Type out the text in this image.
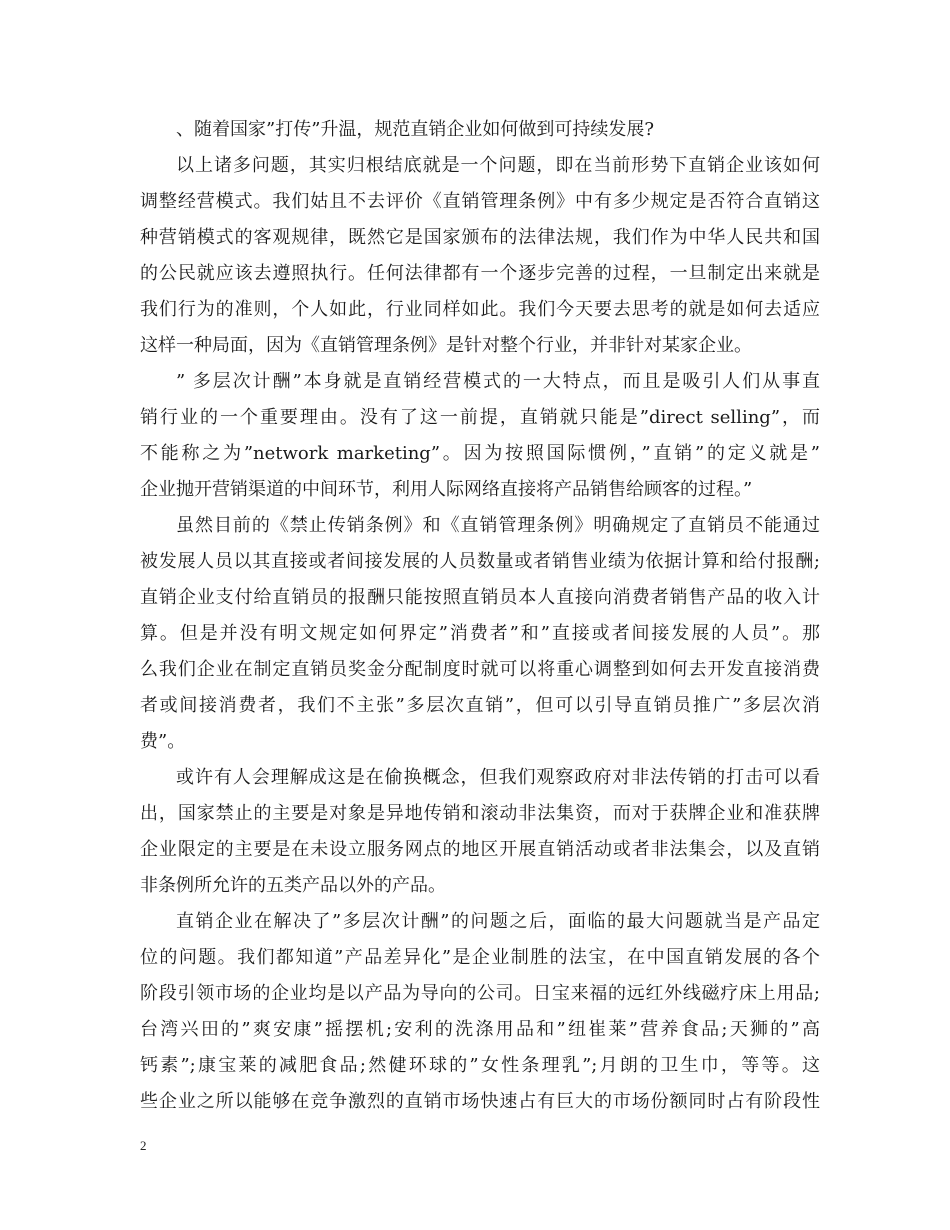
、随着国家”打传”升温，规范直销企业如何做到可持续发展?
以上诸多问题，其实归根结底就是一个问题，即在当前形势下直销企业该如何
调整经营模式。我们姑且不去评价《直销管理条例》中有多少规定是否符合直销这
种营销模式的客观规律，既然它是国家颁布的法律法规，我们作为中华人民共和国
的公民就应该去遵照执行。任何法律都有一个逐步完善的过程，一旦制定出来就是
我们行为的准则，个人如此，行业同样如此。我们今天要去思考的就是如何去适应
这样一种局面，因为《直销管理条例》是针对整个行业，并非针对某家企业。
” 多层次计酬”本身就是直销经营模式的一大特点，而且是吸引人们从事直
销行业的一个重要理由。没有了这一前提，直销就只能是”direct selling”，而
不能称之为”network marketing”。因为按照国际惯例，”直销”的定义就是”
企业抛开营销渠道的中间环节，利用人际网络直接将产品销售给顾客的过程。”
虽然目前的《禁止传销条例》和《直销管理条例》明确规定了直销员不能通过
被发展人员以其直接或者间接发展的人员数量或者销售业绩为依据计算和给付报酬;
直销企业支付给直销员的报酬只能按照直销员本人直接向消费者销售产品的收入计
算。但是并没有明文规定如何界定”消费者”和”直接或者间接发展的人员”。那
么我们企业在制定直销员奖金分配制度时就可以将重心调整到如何去开发直接消费
者或间接消费者，我们不主张”多层次直销”，但可以引导直销员推广”多层次消
费”。
或许有人会理解成这是在偷换概念，但我们观察政府对非法传销的打击可以看
出，国家禁止的主要是对象是异地传销和滚动非法集资，而对于获牌企业和准获牌
企业限定的主要是在未设立服务网点的地区开展直销活动或者非法集会，以及直销
非条例所允许的五类产品以外的产品。
直销企业在解决了”多层次计酬”的问题之后，面临的最大问题就当是产品定
位的问题。我们都知道”产品差异化”是企业制胜的法宝，在中国直销发展的各个
阶段引领市场的企业均是以产品为导向的公司。日宝来福的远红外线磁疗床上用品;
台湾兴田的”爽安康”摇摆机;安利的洗涤用品和”纽崔莱”营养食品;天狮的”高
钙素”;康宝莱的减肥食品;然健环球的”女性条理乳”;月朗的卫生巾，等等。这
些企业之所以能够在竞争激烈的直销市场快速占有巨大的市场份额同时占有阶段性
2
